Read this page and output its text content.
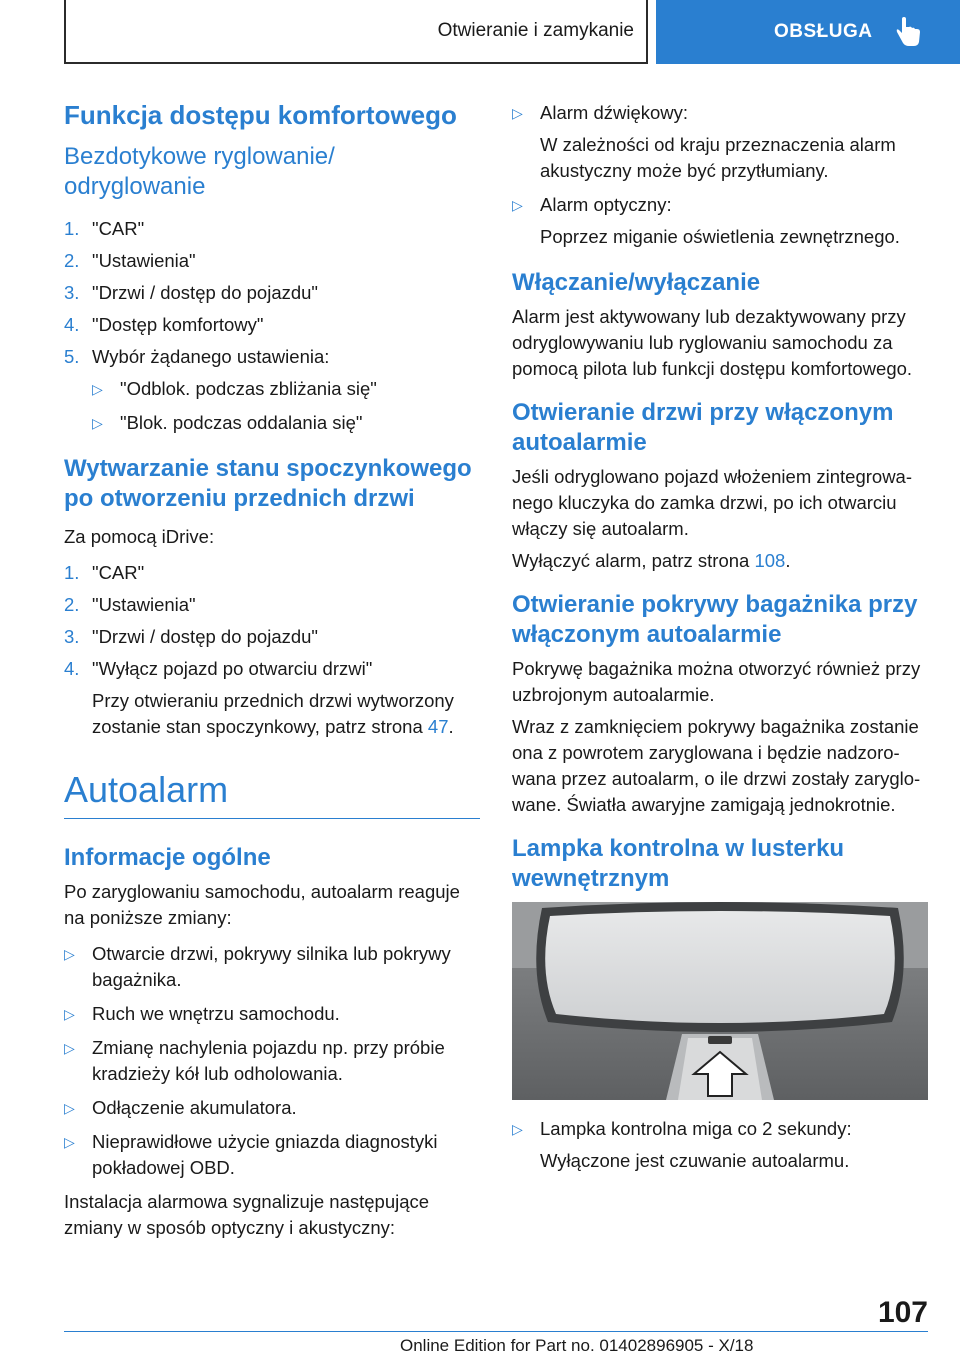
Otwieranie i zamykanie	OBSŁUGA
Funkcja dostępu komfortowego
Bezdotykowe ryglowanie/ odryglowanie
1. "CAR"
2. "Ustawienia"
3. "Drzwi / dostęp do pojazdu"
4. "Dostęp komfortowy"
5. Wybór żądanego ustawienia:
▷ "Odblok. podczas zbliżania się"
▷ "Blok. podczas oddalania się"
Wytwarzanie stanu spoczynkowego po otworzeniu przednich drzwi

Za pomocą iDrive:

1. "CAR"
2. "Ustawienia"
3. "Drzwi / dostęp do pojazdu"
4. "Wyłącz pojazd po otwarciu drzwi"
Przy otwieraniu przednich drzwi wytworzony zostanie stan spoczynkowy, patrz strona 47.
Autoalarm
Informacje ogólne

Po zaryglowaniu samochodu, autoalarm reaguje na poniższe zmiany:

▷ Otwarcie drzwi, pokrywy silnika lub pokrywy bagażnika.
▷ Ruch we wnętrzu samochodu.
▷ Zmianę nachylenia pojazdu np. przy próbie kradzieży kół lub odholowania.
▷ Odłączenie akumulatora.
▷ Nieprawidłowe użycie gniazda diagnostyki pokładowej OBD.

Instalacja alarmowa sygnalizuje następujące zmiany w sposób optyczny i akustyczny:

▷ Alarm dźwiękowy:
W zależności od kraju przeznaczenia alarm akustyczny może być przytłumiany.
▷ Alarm optyczny:
Poprzez miganie oświetlenia zewnętrznego.
Włączanie/wyłączanie

Alarm jest aktywowany lub dezaktywowany przy odryglowywaniu lub ryglowaniu samochodu za pomocą pilota lub funkcji dostępu komfortowego.

Otwieranie drzwi przy włączonym autoalarmie

Jeśli odryglowano pojazd włożeniem zintegrowanego kluczyka do zamka drzwi, po ich otwarciu włączy się autoalarm.

Wyłączyć alarm, patrz strona 108.

Otwieranie pokrywy bagażnika przy włączonym autoalarmie

Pokrywę bagażnika można otworzyć również przy uzbrojonym autoalarmie.

Wraz z zamknięciem pokrywy bagażnika zostanie ona z powrotem zaryglowana i będzie nadzorowana przez autoalarm, o ile drzwi zostały zaryglowane. Światła awaryjne zamigają jednokrotnie.

Lampka kontrolna w lusterku wewnętrznym
▷ Lampka kontrolna miga co 2 sekundy:
Wyłączone jest czuwanie autoalarmu.
107
Online Edition for Part no. 01402896905 - X/18
